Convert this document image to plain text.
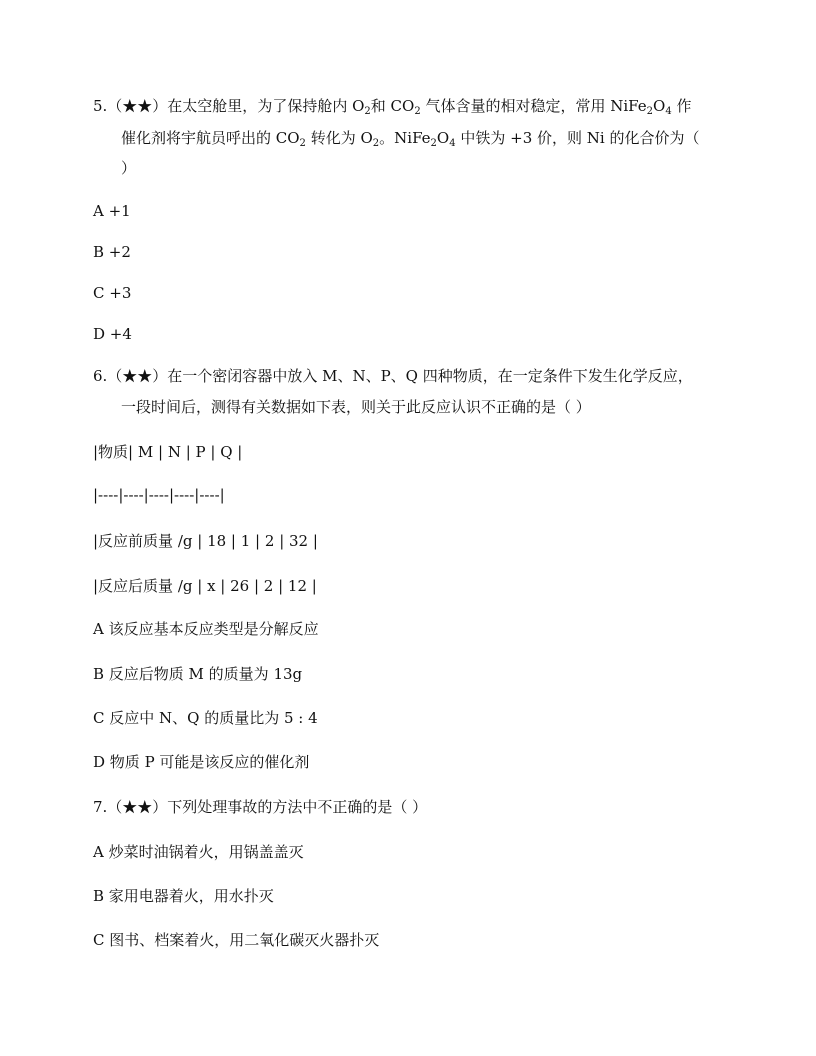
5.（★★）在太空舱里，为了保持舱内 $O_2$和 $CO_2$ 气体含量的相对稳定，常用 $NiFe_2O_4$ 作
催化剂将宇航员呼出的 $CO_2$ 转化为 $O_2$。$NiFe_2O_4$ 中铁为 +3 价，则 Ni 的化合价为（
）
A +1
B +2
C +3
D +4
6.（★★）在一个密闭容器中放入 M、N、P、Q 四种物质，在一定条件下发生化学反应，
一段时间后，测得有关数据如下表，则关于此反应认识不正确的是（ ）
|物质| M | N | P | Q |
|----|----|----|----|----|
|反应前质量 /g | 18 | 1 | 2 | 32 |
|反应后质量 /g | x | 26 | 2 | 12 |
A 该反应基本反应类型是分解反应
B 反应后物质 M 的质量为 13g
C 反应中 N、Q 的质量比为 5 : 4
D 物质 P 可能是该反应的催化剂
7.（★★）下列处理事故的方法中不正确的是（ ）
A 炒菜时油锅着火，用锅盖盖灭
B 家用电器着火，用水扑灭
C 图书、档案着火，用二氧化碳灭火器扑灭
